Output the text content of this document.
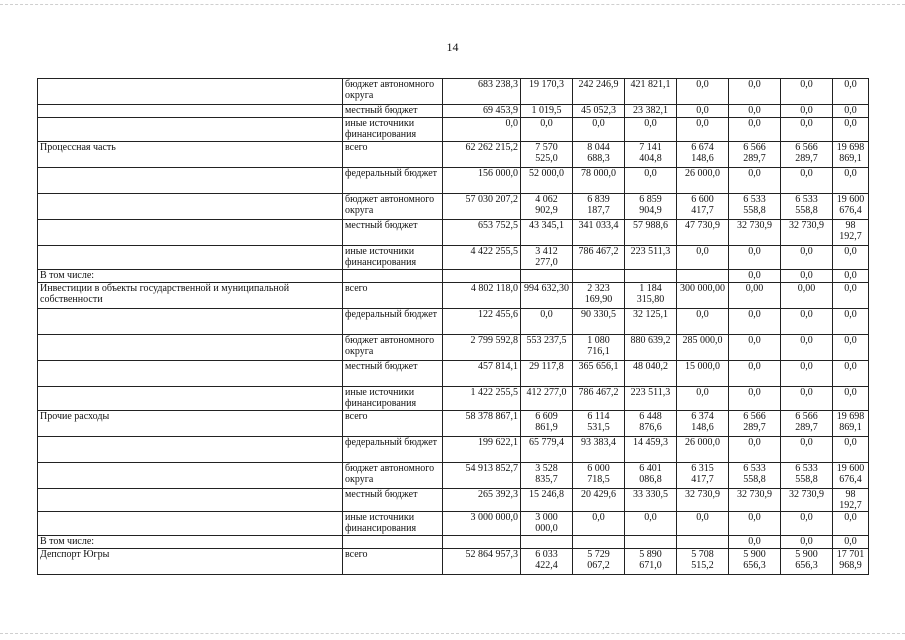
14
	бюджет автономного округа	683 238,3	19 170,3	242 246,9	421 821,1	0,0	0,0	0,0	0,0
	местный бюджет	69 453,9	1 019,5	45 052,3	23 382,1	0,0	0,0	0,0	0,0
	иные источники финансирования	0,0	0,0	0,0	0,0	0,0	0,0	0,0	0,0
Процессная часть	всего	62 262 215,2	7 570 525,0	8 044 688,3	7 141 404,8	6 674 148,6	6 566 289,7	6 566 289,7	19 698 869,1
	федеральный бюджет	156 000,0	52 000,0	78 000,0	0,0	26 000,0	0,0	0,0	0,0
	бюджет автономного округа	57 030 207,2	4 062 902,9	6 839 187,7	6 859 904,9	6 600 417,7	6 533 558,8	6 533 558,8	19 600 676,4
	местный бюджет	653 752,5	43 345,1	341 033,4	57 988,6	47 730,9	32 730,9	32 730,9	98 192,7
	иные источники финансирования	4 422 255,5	3 412 277,0	786 467,2	223 511,3	0,0	0,0	0,0	0,0
В том числе:							0,0	0,0	0,0
Инвестиции в объекты государственной и муниципальной собственности	всего	4 802 118,0	994 632,30	2 323 169,90	1 184 315,80	300 000,00	0,00	0,00	0,0
	федеральный бюджет	122 455,6	0,0	90 330,5	32 125,1	0,0	0,0	0,0	0,0
	бюджет автономного округа	2 799 592,8	553 237,5	1 080 716,1	880 639,2	285 000,0	0,0	0,0	0,0
	местный бюджет	457 814,1	29 117,8	365 656,1	48 040,2	15 000,0	0,0	0,0	0,0
	иные источники финансирования	1 422 255,5	412 277,0	786 467,2	223 511,3	0,0	0,0	0,0	0,0
Прочие расходы	всего	58 378 867,1	6 609 861,9	6 114 531,5	6 448 876,6	6 374 148,6	6 566 289,7	6 566 289,7	19 698 869,1
	федеральный бюджет	199 622,1	65 779,4	93 383,4	14 459,3	26 000,0	0,0	0,0	0,0
	бюджет автономного округа	54 913 852,7	3 528 835,7	6 000 718,5	6 401 086,8	6 315 417,7	6 533 558,8	6 533 558,8	19 600 676,4
	местный бюджет	265 392,3	15 246,8	20 429,6	33 330,5	32 730,9	32 730,9	32 730,9	98 192,7
	иные источники финансирования	3 000 000,0	3 000 000,0	0,0	0,0	0,0	0,0	0,0	0,0
В том числе:							0,0	0,0	0,0
Депспорт Югры	всего	52 864 957,3	6 033 422,4	5 729 067,2	5 890 671,0	5 708 515,2	5 900 656,3	5 900 656,3	17 701 968,9
